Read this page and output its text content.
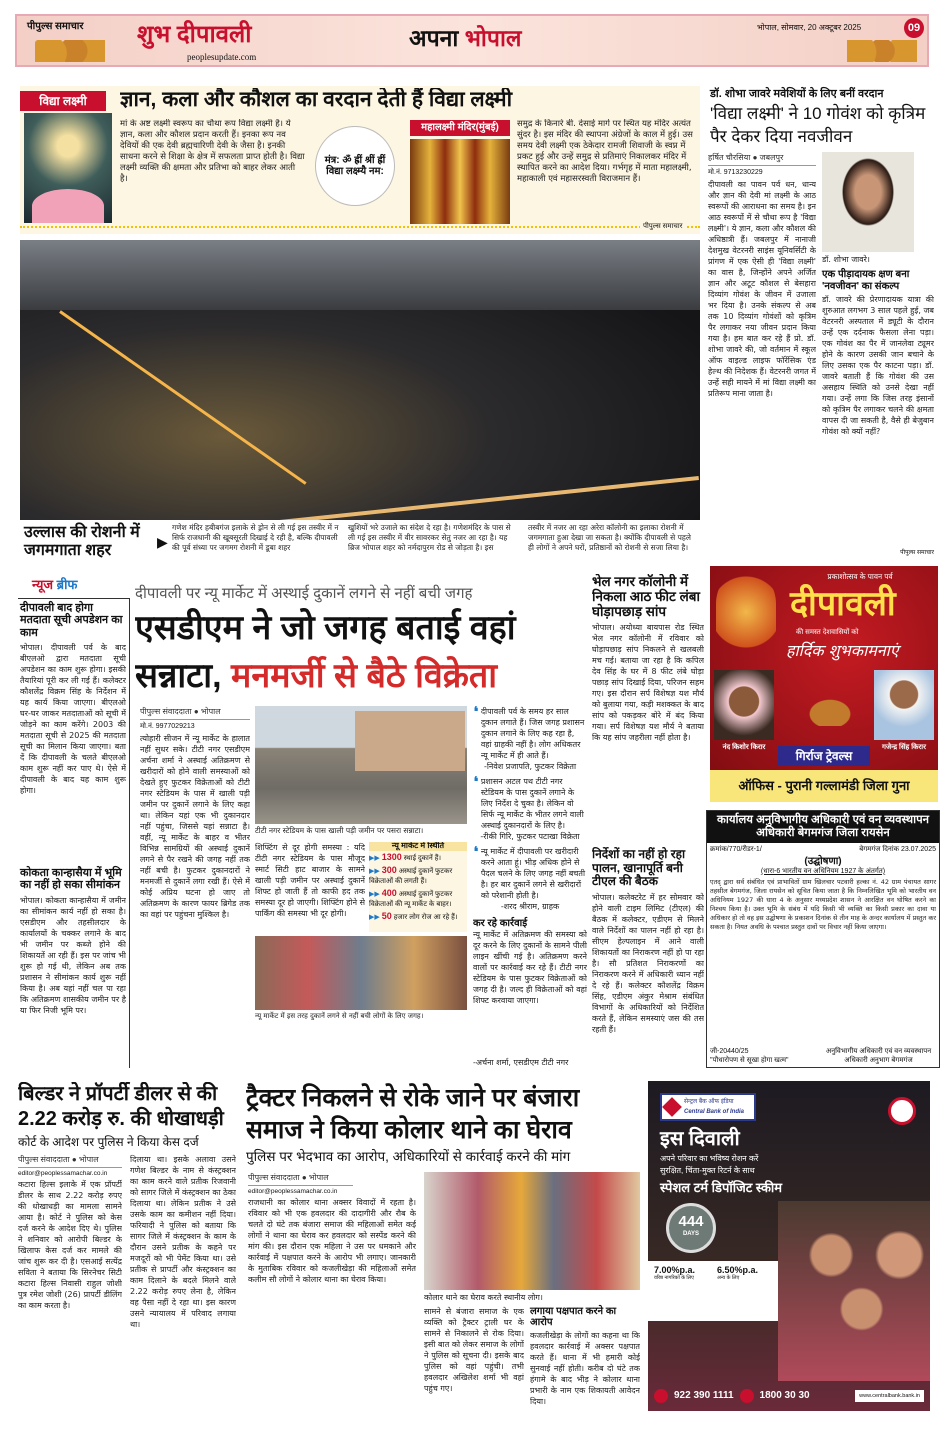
पीपुल्स समाचार शुभ दीपावली
peoplesupdate.com
अपना भोपाल	भोपाल, सोमवार, 20 अक्टूबर 2025	09
विद्या लक्ष्मी	ज्ञान, कला और कौशल का वरदान देती हैं विद्या लक्ष्मी

मां के अष्ट लक्ष्मी स्वरूप का चौथा रूप विद्या लक्ष्मी है। ये ज्ञान, कला और कौशल प्रदान करती हैं। इनका रूप नव देवियों की एक देवी ब्रह्मचारिणी देवी के जैसा है। इनकी साधना करने से शिक्षा के क्षेत्र में सफलता प्राप्त होती है। विद्या लक्ष्मी व्यक्ति की क्षमता और प्रतिभा को बाहर लेकर आती है।

मंत्र: ॐ ह्रीं श्रीं ह्रीं विद्या लक्ष्म्यै नम:
महालक्ष्मी मंदिर(मुंबई)	समुद्र के किनारे बी. देसाई मार्ग पर स्थित यह मंदिर अत्यंत सुंदर है। इस मंदिर की स्थापना अंग्रेजों के काल में हुई। उस समय देवी लक्ष्मी एक ठेकेदार रामजी शिवाजी के स्वप्न में प्रकट हुई और उन्हें समुद्र से प्रतिमाएं निकालकर मंदिर में स्थापित करने का आदेश दिया। गर्भगृह में माता महालक्ष्मी, महाकाली एवं महासरस्वती विराजमान हैं।

पीपुल्स समाचार
डॉ. शोभा जावरे मवेशियों के लिए बनीं वरदान
'विद्या लक्ष्मी' ने 10 गोवंश को कृत्रिम पैर देकर दिया नवजीवन
हर्षित चौरसिया ● जबलपुर
मो.नं. 9713230229

दीपावली का पावन पर्व धन, धान्य और ज्ञान की देवी मां लक्ष्मी के आठ स्वरूपों की आराधना का समय है। इन आठ स्वरूपों में से चौथा रूप है 'विद्या लक्ष्मी'। ये ज्ञान, कला और कौशल की अधिष्ठात्री हैं। जबलपुर में नानाजी देशमुख वेटरनरी साइंस यूनिवर्सिटी के प्रांगण में एक ऐसी ही 'विद्या लक्ष्मी' का वास है, जिन्होंने अपने अर्जित ज्ञान और अटूट कौशल से बेसहारा दिव्यांग गोवंश के जीवन में उजाला भर दिया है। उनके संकल्प से अब तक 10 दिव्यांग गोवंशों को कृत्रिम पैर लगाकर नया जीवन प्रदान किया गया है। हम बात कर रहे हैं प्रो. डॉ. शोभा जावरे की, जो वर्तमान में स्कूल ऑफ वाइल्ड लाइफ फॉरेंसिक एंड हेल्थ की निदेशक हैं। वेटरनरी जगत में उन्हें सही मायने में मां विद्या लक्ष्मी का प्रतिरूप माना जाता है।

डॉ. शोभा जावरे।
एक पीड़ादायक क्षण बना 'नवजीवन' का संकल्प

डॉ. जावरे की प्रेरणादायक यात्रा की शुरुआत लगभग 3 साल पहले हुई, जब वेटरनरी अस्पताल में ड्यूटी के दौरान उन्हें एक दर्दनाक फैसला लेना पड़ा। एक गोवंश का पैर में जानलेवा ट्यूमर होने के कारण उसकी जान बचाने के लिए उसका एक पैर काटना पड़ा। डॉ. जावरे बताती हैं कि गोवंश की उस असहाय स्थिति को उनसे देखा नहीं गया। उन्हें लगा कि जिस तरह इंसानों को कृत्रिम पैर लगाकर चलने की क्षमता वापस दी जा सकती है, वैसे ही बेजुबान गोवंश को क्यों नहीं?

पीपुल्स समाचार
उल्लास की रोशनी में जगमगाता शहर	▶

गणेश मंदिर हबीबगंज इलाके से ड्रोन से ली गई इस तस्वीर में न सिर्फ राजधानी की खूबसूरती दिखाई दे रही है, बल्कि दीपावली की पूर्व संध्या पर जगमग रोशनी में डूबा शहर

खुशियों भरे उजाले का संदेश दे रहा है। गणेशमंदिर के पास से ली गई इस तस्वीर में वीर सावरकर सेतु नजर आ रहा है। यह ब्रिज भोपाल शहर को नर्मदापुरम रोड से जोड़ता है। इस

तस्वीर में नजर आ रहा अरेरा कॉलोनी का इलाका रोशनी में जगमगाता हुआ देखा जा सकता है। क्योंकि दीपावली से पहले ही लोगों ने अपने घरों, प्रतिष्ठानों को रोशनी से सजा लिया है।

न्यूज ब्रीफ
दीपावली बाद होगा मतदाता सूची अपडेशन का काम

भोपाल। दीपावली पर्व के बाद बीएलओ द्वारा मतदाता सूची अपडेशन का काम शुरू होगा। इसकी तैयारियां पूरी कर ली गई हैं। कलेक्टर कौशलेंद्र विक्रम सिंह के निर्देशन में यह कार्य किया जाएगा। बीएलओ घर-घर जाकर मतदाताओं को सूची में जोड़ने का काम करेंगे। 2003 की मतदाता सूची से 2025 की मतदाता सूची का मिलान किया जाएगा। बता दें कि दीपावली के चलते बीएलओ काम शुरू नहीं कर पाए थे। ऐसे में दीपावली के बाद यह काम शुरू होगा।

कोकता कान्हासैया में भूमि का नहीं हो सका सीमांकन

भोपाल। कोकता कान्हासैया में जमीन का सीमांकन कार्य नहीं हो सका है। एसडीएम और तहसीलदार के कार्यालयों के चक्कर लगाने के बाद भी जमीन पर कब्जे होने की शिकायतें आ रही हैं। इस पर जांच भी शुरू हो गई थी, लेकिन अब तक प्रशासन ने सीमांकन कार्य शुरू नहीं किया है। अब यहां नहीं चल पा रहा कि अतिक्रमण शासकीय जमीन पर है या फिर निजी भूमि पर।

दीपावली पर न्यू मार्केट में अस्थाई दुकानें लगने से नहीं बची जगह
एसडीएम ने जो जगह बताई वहां सन्नाटा, मनमर्जी से बैठे विक्रेता
पीपुल्स संवाददाता ● भोपाल
मो.नं. 9977029213

त्योहारी सीजन में न्यू मार्केट के हालात नहीं सुधर सके। टीटी नगर एसडीएम अर्चना शर्मा ने अस्थाई अतिक्रमण से खरीदारों को होने वाली समस्याओं को देखते हुए फुटकर विक्रेताओं को टीटी नगर स्टेडियम के पास में खाली पड़ी जमीन पर दुकानें लगाने के लिए कहा था। लेकिन यहां एक भी दुकानदार नहीं पहुंचा, जिससे यहां सन्नाटा है। वहीं, न्यू मार्केट के बाहर व भीतर विभिन्न सामग्रियों की अस्थाई दुकानें लगने से पैर रखने की जगह नहीं तक नहीं बची है। फुटकर दुकानदारों ने मनमर्जी से दुकानें लगा रखी हैं। ऐसे में कोई अप्रिय घटना हो जाए तो अतिक्रमण के कारण फायर ब्रिगेड तक का वहां पर पहुंचना मुश्किल है।

टीटी नगर स्टेडियम के पास खाली पड़ी जमीन पर पसरा सन्नाटा।

शिफ्टिंग से दूर होगी समस्या : यदि टीटी नगर स्टेडियम के पास मौजूद स्मार्ट सिटी हाट बाजार के सामने खाली पड़ी जमीन पर अस्थाई दुकानें शिफ्ट हो जाती हैं तो काफी हद तक समस्या दूर हो जाएगी। शिफ्टिंग होने से पार्किंग की समस्या भी दूर होगी।

न्यू मार्केट में स्थिति
▶▶ 1300 स्थाई दुकानें हैं।
▶▶ 300 अस्थाई दुकानें फुटकर विक्रेताओं की लगती हैं।
▶▶ 400 अस्थाई दुकानें फुटकर विक्रेताओं की न्यू मार्केट के बाहर।
▶▶ 50 हजार लोग रोज आ रहे हैं।
न्यू मार्केट में इस तरह दुकानें लगने से नहीं बची लोगों के लिए जगह।
❛ दीपावली पर्व के समय हर साल दुकान लगाते हैं। जिस जगह प्रशासन दुकान लगाने के लिए कह रहा है, वहां ग्राहकी नहीं है। लोग अधिकतर न्यू मार्केट में ही आते हैं।

-निवेश प्रजापति, फुटकर विक्रेता
❛ प्रशासन अटल पथ टीटी नगर स्टेडियम के पास दुकानें लगाने के लिए निर्देश दे चुका है। लेकिन वो सिर्फ न्यू मार्केट के भीतर लगने वाली अस्थाई दुकानदारों के लिए है।

-रीकी गिरि, फुटकर पटाखा विक्रेता
❛ न्यू मार्केट में दीपावली पर खरीदारी करने आता हूं। भीड़ अधिक होने से पैदल चलने के लिए जगह नहीं बचती है। हर बार दुकानें लगने से खरीदारों को परेशानी होती है।

-शरद श्रीराम, ग्राहक
कर रहे कार्रवाई

न्यू मार्केट में अतिक्रमण की समस्या को दूर करने के लिए दुकानों के सामने पीली लाइन खींची गई है। अतिक्रमण करने वालों पर कार्रवाई कर रहे हैं। टीटी नगर स्टेडियम के पास फुटकर विक्रेताओं को जगह दी है। जल्द ही विक्रेताओं को वहां शिफ्ट करवाया जाएगा।

-अर्चना शर्मा, एसडीएम टीटी नगर
भेल नगर कॉलोनी में निकला आठ फीट लंबा घोड़ापछाड़ सांप

भोपाल। अयोध्या बायपास रोड स्थित भेल नगर कॉलोनी में रविवार को घोड़ापछाड़ सांप निकलने से खलबली मच गई। बताया जा रहा है कि कपिल देव सिंह के घर में 8 फीट लंबे घोड़ा पछाड़ सांप दिखाई दिया, परिजन सहम गए। इस दौरान सर्प विशेषज्ञ यश मौर्य को बुलाया गया, कड़ी मशक्कत के बाद सांप को पकड़कर बोरे में बंद किया गया। सर्प विशेषज्ञ यश मौर्य ने बताया कि यह सांप जहरीला नहीं होता है।

निर्देशों का नहीं हो रहा पालन, खानापूर्ति बनी टीएल की बैठक

भोपाल। कलेक्टरेट में हर सोमवार को होने वाली टाइम लिमिट (टीएल) की बैठक में कलेक्टर, एडीएम से मिलने वाले निर्देशों का पालन नहीं हो रहा है। सीएम हेल्पलाइन में आने वाली शिकायतों का निराकरण नहीं हो पा रहा है। सौ प्रतिशत निराकरणों का निराकरण करने में अधिकारी ध्यान नहीं दे रहे हैं। कलेक्टर कौशलेंद्र विक्रम सिंह, एडीएम अंकुर मेश्राम संबंधित विभागों के अधिकारियों को निर्देशित करते हैं, लेकिन समस्याएं जस की तस रहती हैं।

प्रकाशोत्सव के पावन पर्व
दीपावली
की समस्त देशवासियों को
हार्दिक शुभकामनाएं
नंद किशोर किरार
गिर्राज ट्रेवल्स
गजेन्द्र सिंह किरार
ऑफिस - पुरानी गल्लामंडी जिला गुना
कार्यालय अनुविभागीय अधिकारी एवं वन व्यवस्थापन अधिकारी बेगमगंज जिला रायसेन
क्रमांक/770/रीडर-1/	बेगमगंज दिनांक 23.07.2025
(उद्घोषणा)
(धारा-6 भारतीय वन अधिनियम 1927 के अंतर्गत)

एतद् द्वारा सर्व संबंधित एवं प्राभावितों ग्राम खिलचार पटवारी हल्का नं. 42 ग्राम पंचायत सागर तहसील बेगमगंज, जिला रायसेन को सूचित किया जाता है कि निम्नलिखित भूमि को भारतीय वन अधिनियम 1927 की धारा 4 के अनुसार मध्यप्रदेश शासन ने आरक्षित वन घोषित करने का निश्चय किया है। उक्त भूमि के संबंध में यदि किसी भी व्यक्ति का किसी प्रकार का दावा या अधिकार हो तो वह इस उद्घोषणा के प्रकाशन दिनांक से तीन माह के अन्दर कार्यालय में प्रस्तुत कर सकता है। नियत अवधि के पश्चात प्रस्तुत दावों पर विचार नहीं किया जाएगा।

जी-20440/25
"पौधारोपण से सूखा होगा खत्म"
अनुविभागीय अधिकारी एवं वन व्यवस्थापन अधिकारी अनुभाग बेगमगंज
बिल्डर ने प्रॉपर्टी डीलर से की 2.22 करोड़ रु. की धोखाधड़ी
कोर्ट के आदेश पर पुलिस ने किया केस दर्ज
पीपुल्स संवाददाता ● भोपाल
editor@peoplessamachar.co.in

कटारा हिल्स इलाके में एक प्रॉपर्टी डीलर के साथ 2.22 करोड़ रुपए की धोखाधड़ी का मामला सामने आया है। कोर्ट ने पुलिस को केस दर्ज करने के आदेश दिए थे। पुलिस ने शनिवार को आरोपी बिल्डर के खिलाफ केस दर्ज कर मामले की जांच शुरू कर दी है। एसआई सत्येंद्र सविता ने बताया कि सिरनेचर सिटी कटारा हिल्स निवासी राहुल जोशी पुत्र रमेश जोशी (26) प्रापर्टी डीलिंग का काम करता है।

दिलाया था। इसके अलावा उसने गणेश बिल्डर के नाम से कंस्ट्रक्शन का काम करने वाले प्रतीक रिजवानी को सागर जिले में कंस्ट्रक्शन का ठेका दिलाया था। लेकिन प्रतीक ने उसे उसके काम का कमीशन नहीं दिया। फरियादी ने पुलिस को बताया कि सागर जिले में कंस्ट्रक्शन के काम के दौरान उसने प्रतीक के कहने पर मजदूरों को भी पेमेंट किया था। उसे प्रतीक से प्रापर्टी और कंस्ट्रक्शन का काम दिलाने के बदले मिलने वाले 2.22 करोड़ रुपए लेना है, लेकिन वह पैसा नहीं दे रहा था। इस कारण उसने न्यायालय में परिवाद लगाया था।

ट्रैक्टर निकलने से रोके जाने पर बंजारा समाज ने किया कोलार थाने का घेराव
पुलिस पर भेदभाव का आरोप, अधिकारियों से कार्रवाई करने की मांग
पीपुल्स संवाददाता ● भोपाल
editor@peoplessamachar.co.in

राजधानी का कोलार थाना अक्सर विवादों में रहता है। रविवार को भी एक हवलदार की दादागीरी और रौब के चलते दो घंटे तक बंजारा समाज की महिलाओं समेत कई लोगों ने थाना का घेराव कर हवलदार को सस्पेंड करने की मांग की। इस दौरान एक महिला ने उस पर धमकाने और कार्रवाई में पक्षपात करने के आरोप भी लगाए। जानकारी के मुताबिक रविवार को कजलीखेड़ा की महिलाओं समेत कलीम सौ लोगों ने कोलार थाना का घेराव किया।

कोलार थाने का घेराव करते स्थानीय लोग।

सामने से बंजारा समाज के एक व्यक्ति को ट्रैक्टर ट्राली घर के सामने से निकालने से रोक दिया। इसी बात को लेकर समाज के लोगों ने पुलिस को सूचना दी। इसके बाद पुलिस को वहां पहुंची। तभी हवलदार अखिलेश शर्मा भी वहां पहुंच गए।

लगाया पक्षपात करने का आरोप

कजलीखेड़ा के लोगों का कहना था कि हवलदार कार्रवाई में अक्सर पक्षपात करते हैं। थाना में भी हमारी कोई सुनवाई नहीं होती। करीब दो घंटे तक हंगामे के बाद भीड़ ने कोलार थाना प्रभारी के नाम एक शिकायती आवेदन दिया।

सेन्ट्रल बैंक ऑफ इंडिया
Central Bank of India
इस दिवाली
अपने परिवार का भविष्य रोशन करें
सुरक्षित, चिंता-मुक्त रिटर्न के साथ
स्पेशल टर्म डिपॉजिट स्कीम
444
DAYS
7.00%p.a.
वरिष्ठ नागरिकों के लिए
6.50%p.a.
अन्य के लिए
922 390 1111	1800 30 30	www.centralbank.bank.in
